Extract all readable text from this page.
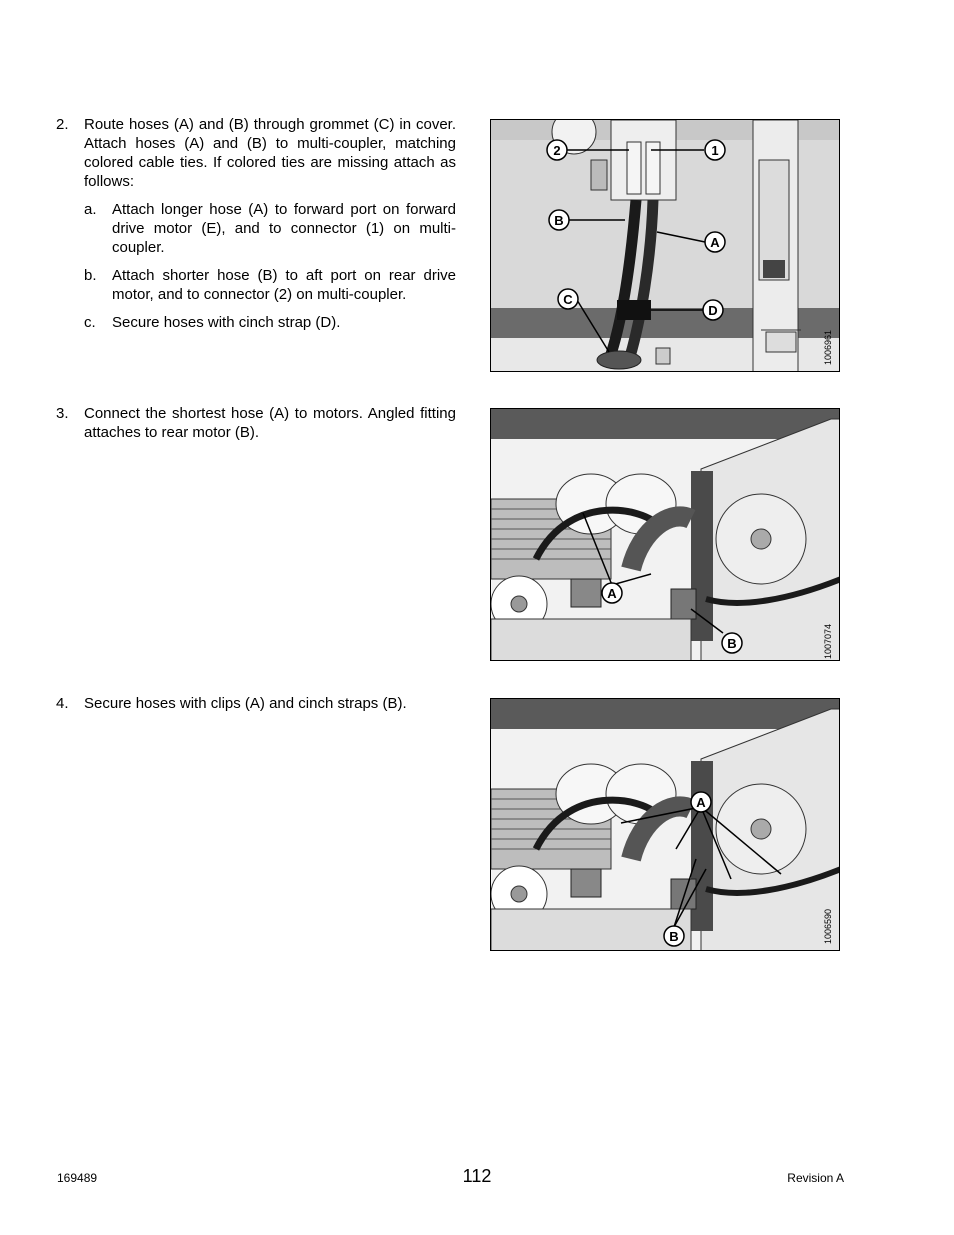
2. Route hoses (A) and (B) through grommet (C) in cover. Attach hoses (A) and (B) to multi-coupler, matching colored cable ties. If colored ties are missing attach as follows:
a. Attach longer hose (A) to forward port on forward drive motor (E), and to connector (1) on multi-coupler.
b. Attach shorter hose (B) to aft port on rear drive motor, and to connector (2) on multi-coupler.
c. Secure hoses with cinch strap (D).
3. Connect the shortest hose (A) to motors. Angled fitting attaches to rear motor (B).
4. Secure hoses with clips (A) and cinch straps (B).
2	1
B
A
C
D
1006961
A
B	1007074
A
B	1006590
169489	112	Revision A
